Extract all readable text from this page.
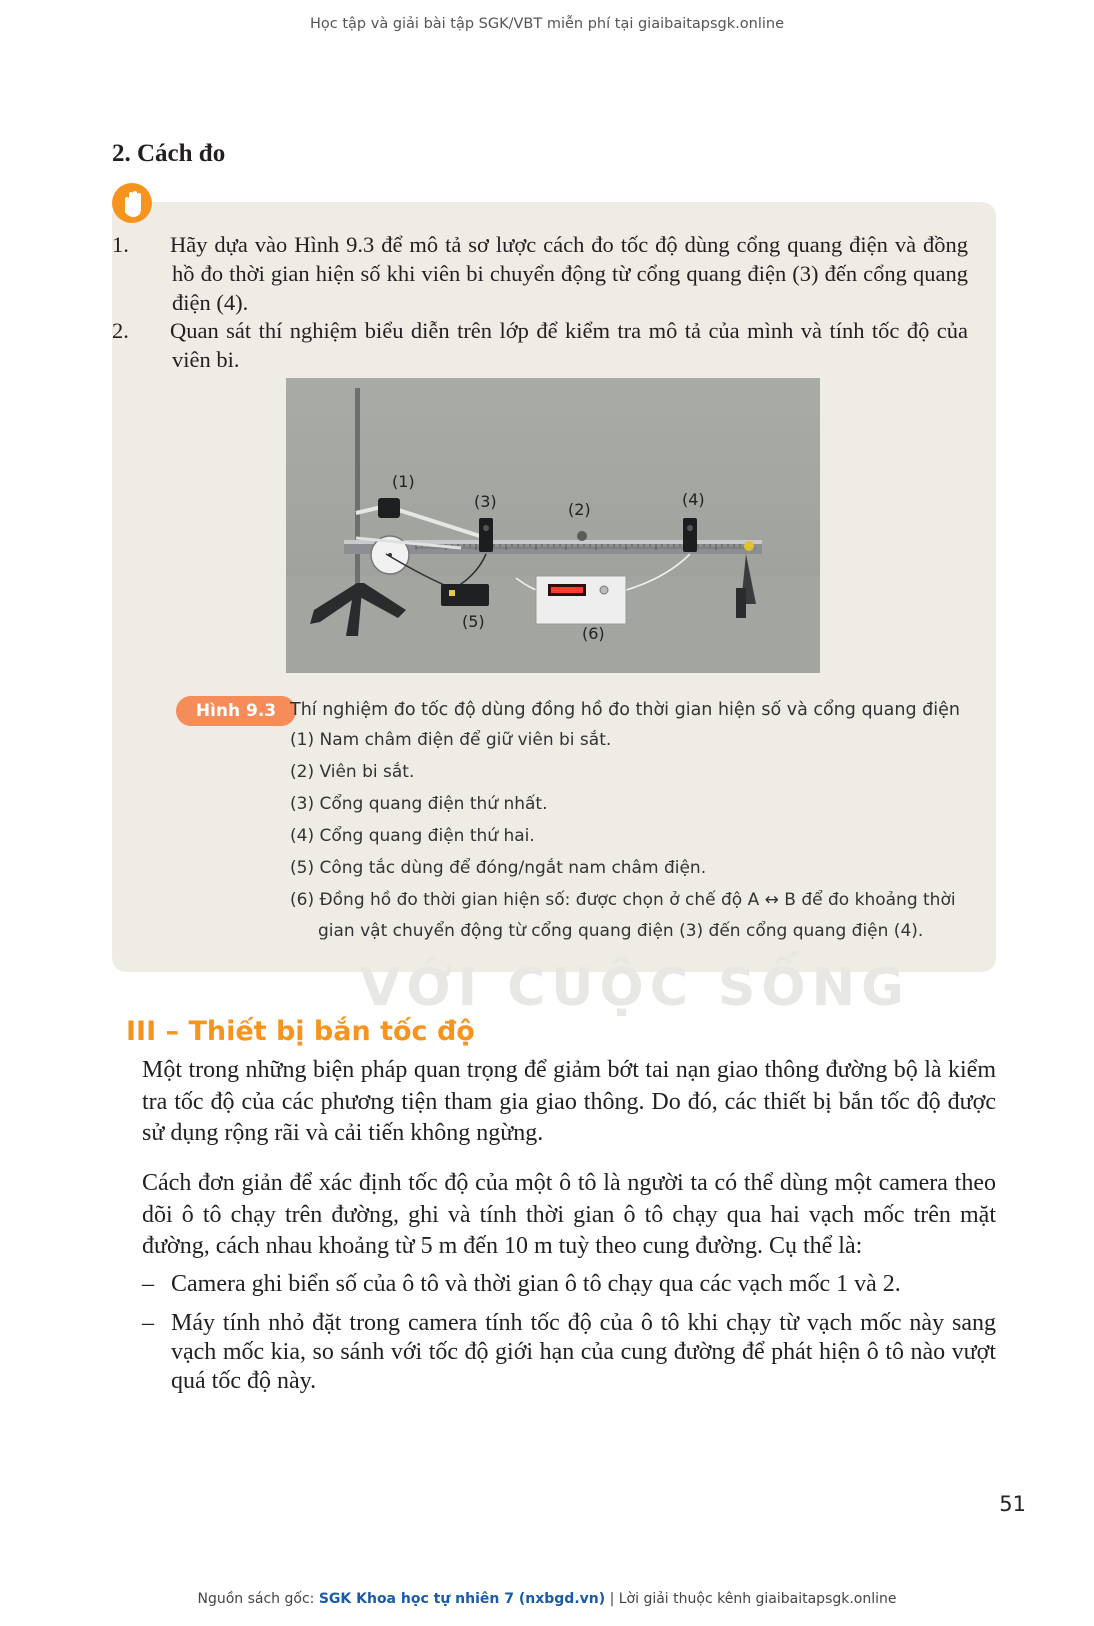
Học tập và giải bài tập SGK/VBT miễn phí tại giaibaitapsgk.online
2. Cách đo
VỚI CUỘC SỐNG
1. Hãy dựa vào Hình 9.3 để mô tả sơ lược cách đo tốc độ dùng cổng quang điện và đồng hồ đo thời gian hiện số khi viên bi chuyển động từ cổng quang điện (3) đến cổng quang điện (4).
2. Quan sát thí nghiệm biểu diễn trên lớp để kiểm tra mô tả của mình và tính tốc độ của viên bi.
(1)
(2)
(3)	(4)
(5)
(6)
Hình 9.3 Thí nghiệm đo tốc độ dùng đồng hồ đo thời gian hiện số và cổng quang điện
(1) Nam châm điện để giữ viên bi sắt.
(2) Viên bi sắt.
(3) Cổng quang điện thứ nhất.
(4) Cổng quang điện thứ hai.
(5) Công tắc dùng để đóng/ngắt nam châm điện.
(6) Đồng hồ đo thời gian hiện số: được chọn ở chế độ A ↔ B để đo khoảng thời
gian vật chuyển động từ cổng quang điện (3) đến cổng quang điện (4).
III – Thiết bị bắn tốc độ
Một trong những biện pháp quan trọng để giảm bớt tai nạn giao thông đường bộ là kiểm tra tốc độ của các phương tiện tham gia giao thông. Do đó, các thiết bị bắn tốc độ được sử dụng rộng rãi và cải tiến không ngừng.
Cách đơn giản để xác định tốc độ của một ô tô là người ta có thể dùng một camera theo dõi ô tô chạy trên đường, ghi và tính thời gian ô tô chạy qua hai vạch mốc trên mặt đường, cách nhau khoảng từ 5 m đến 10 m tuỳ theo cung đường. Cụ thể là:
– Camera ghi biển số của ô tô và thời gian ô tô chạy qua các vạch mốc 1 và 2.
– Máy tính nhỏ đặt trong camera tính tốc độ của ô tô khi chạy từ vạch mốc này sang vạch mốc kia, so sánh với tốc độ giới hạn của cung đường để phát hiện ô tô nào vượt quá tốc độ này.
51
Nguồn sách gốc: SGK Khoa học tự nhiên 7 (nxbgd.vn) | Lời giải thuộc kênh giaibaitapsgk.online
